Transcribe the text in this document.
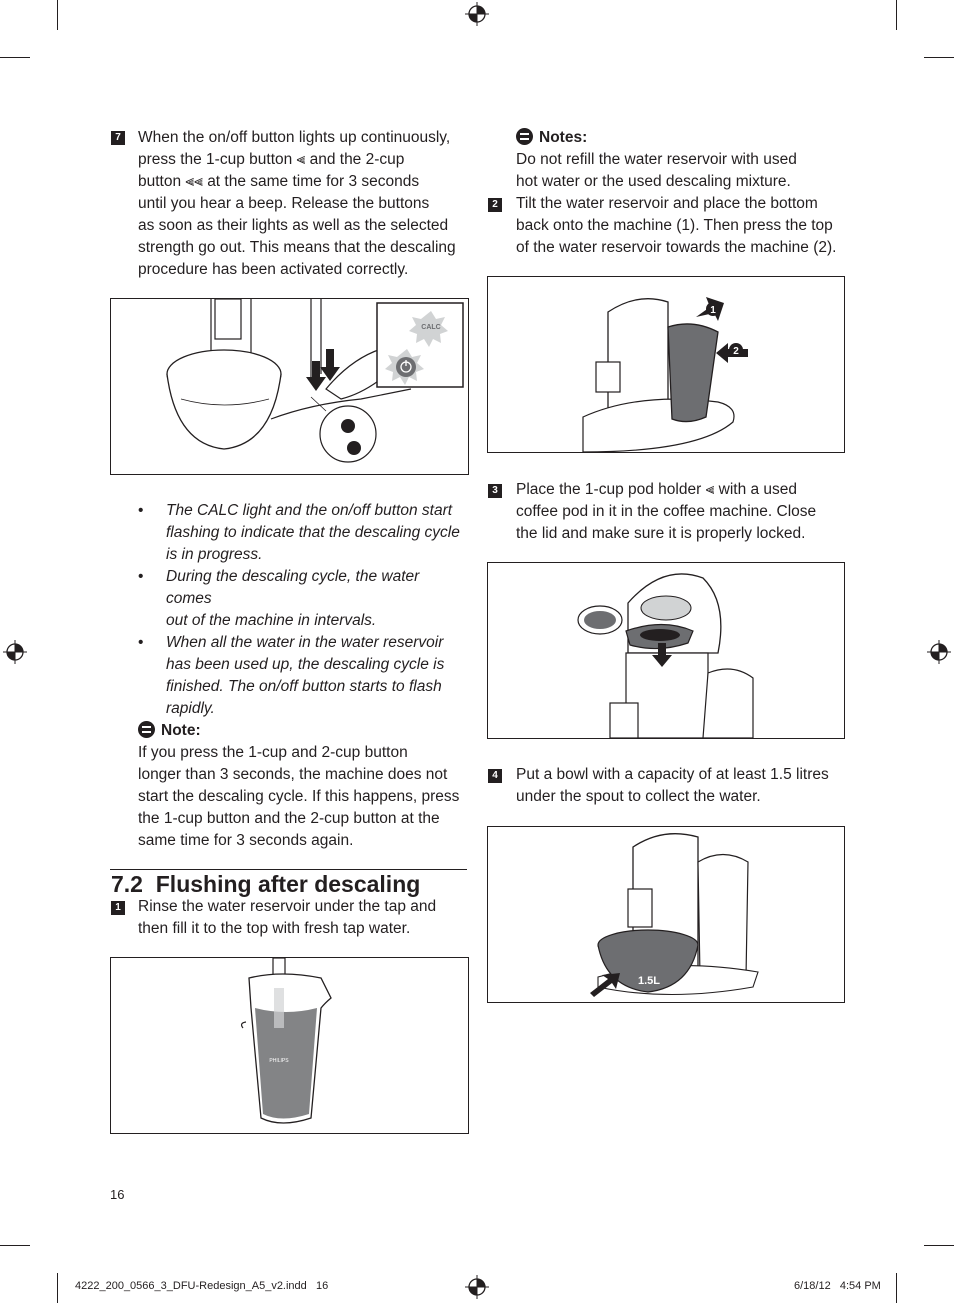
7 When the on/off button lights up continuously,
press the 1-cup button ⫷ and the 2-cup
button ⫷⫷ at the same time for 3 seconds
until you hear a beep. Release the buttons
as soon as their lights as well as the selected
strength go out. This means that the descaling
procedure has been activated correctly.
CALC
• The CALC light and the on/off button start
flashing to indicate that the descaling cycle
is in progress.
• During the descaling cycle, the water comes
out of the machine in intervals.
• When all the water in the water reservoir
has been used up, the descaling cycle is
finished. The on/off button starts to flash
rapidly.
Note:
If you press the 1-cup and 2-cup button
longer than 3 seconds, the machine does not
start the descaling cycle. If this happens, press
the 1-cup button and the 2-cup button at the
same time for 3 seconds again.
7.2  Flushing after descaling
1 Rinse the water reservoir under the tap and
then fill it to the top with fresh tap water.
PHILIPS
Notes:
Do not refill the water reservoir with used
hot water or the used descaling mixture.
2 Tilt the water reservoir and place the bottom
back onto the machine (1). Then press the top
of the water reservoir towards the machine (2).
1
2
3 Place the 1-cup pod holder ⫷ with a used
coffee pod in it in the coffee machine. Close
the lid and make sure it is properly locked.
4 Put a bowl with a capacity of at least 1.5 litres
under the spout to collect the water.
1.5L
16
4222_200_0566_3_DFU-Redesign_A5_v2.indd   16	6/18/12   4:54 PM
